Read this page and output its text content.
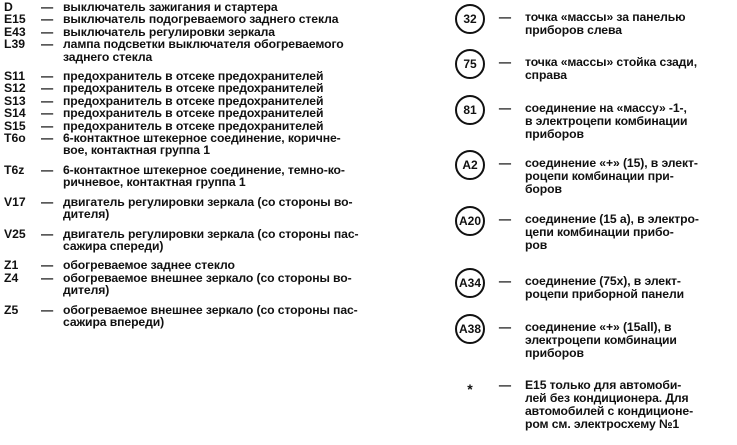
D	— выключатель зажигания и стартера
E15	— выключатель подогреваемого заднего стекла
E43	— выключатель регулировки зеркала
L39	— лампа подсветки выключателя обогреваемого
заднего стекла
S11	— предохранитель в отсеке предохранителей
S12	— предохранитель в отсеке предохранителей
S13	— предохранитель в отсеке предохранителей
S14	— предохранитель в отсеке предохранителей
S15	— предохранитель в отсеке предохранителей
T6o	— 6-контактное штекерное соединение, коричне-
вое, контактная группа 1
T6z	— 6-контактное штекерное соединение, темно-ко-
ричневое, контактная группа 1
V17	— двигатель регулировки зеркала (со стороны во-
дителя)
V25	— двигатель регулировки зеркала (со стороны пас-
сажира спереди)
Z1	— обогреваемое заднее стекло
Z4	— обогреваемое внешнее зеркало (со стороны во-
дителя)
Z5	— обогреваемое внешнее зеркало (со стороны пас-
сажира впереди)
32	—	точка «массы» за панелью
приборов слева
75	—	точка «массы» стойка сзади,
справа
81	—	соединение на «массу» -1-,
в электроцепи комбинации
приборов
A2	—	соединение «+» (15), в элект-
роцепи комбинации при-
боров
A20	—	соединение (15 а), в электро-
цепи комбинации прибо-
ров
A34	—	соединение (75х), в элект-
роцепи приборной панели
A38	—	соединение «+» (15all), в
электроцепи комбинации
приборов
*	—	E15 только для автомоби-
лей без кондиционера. Для
автомобилей с кондиционе-
ром см. электросхему №1
